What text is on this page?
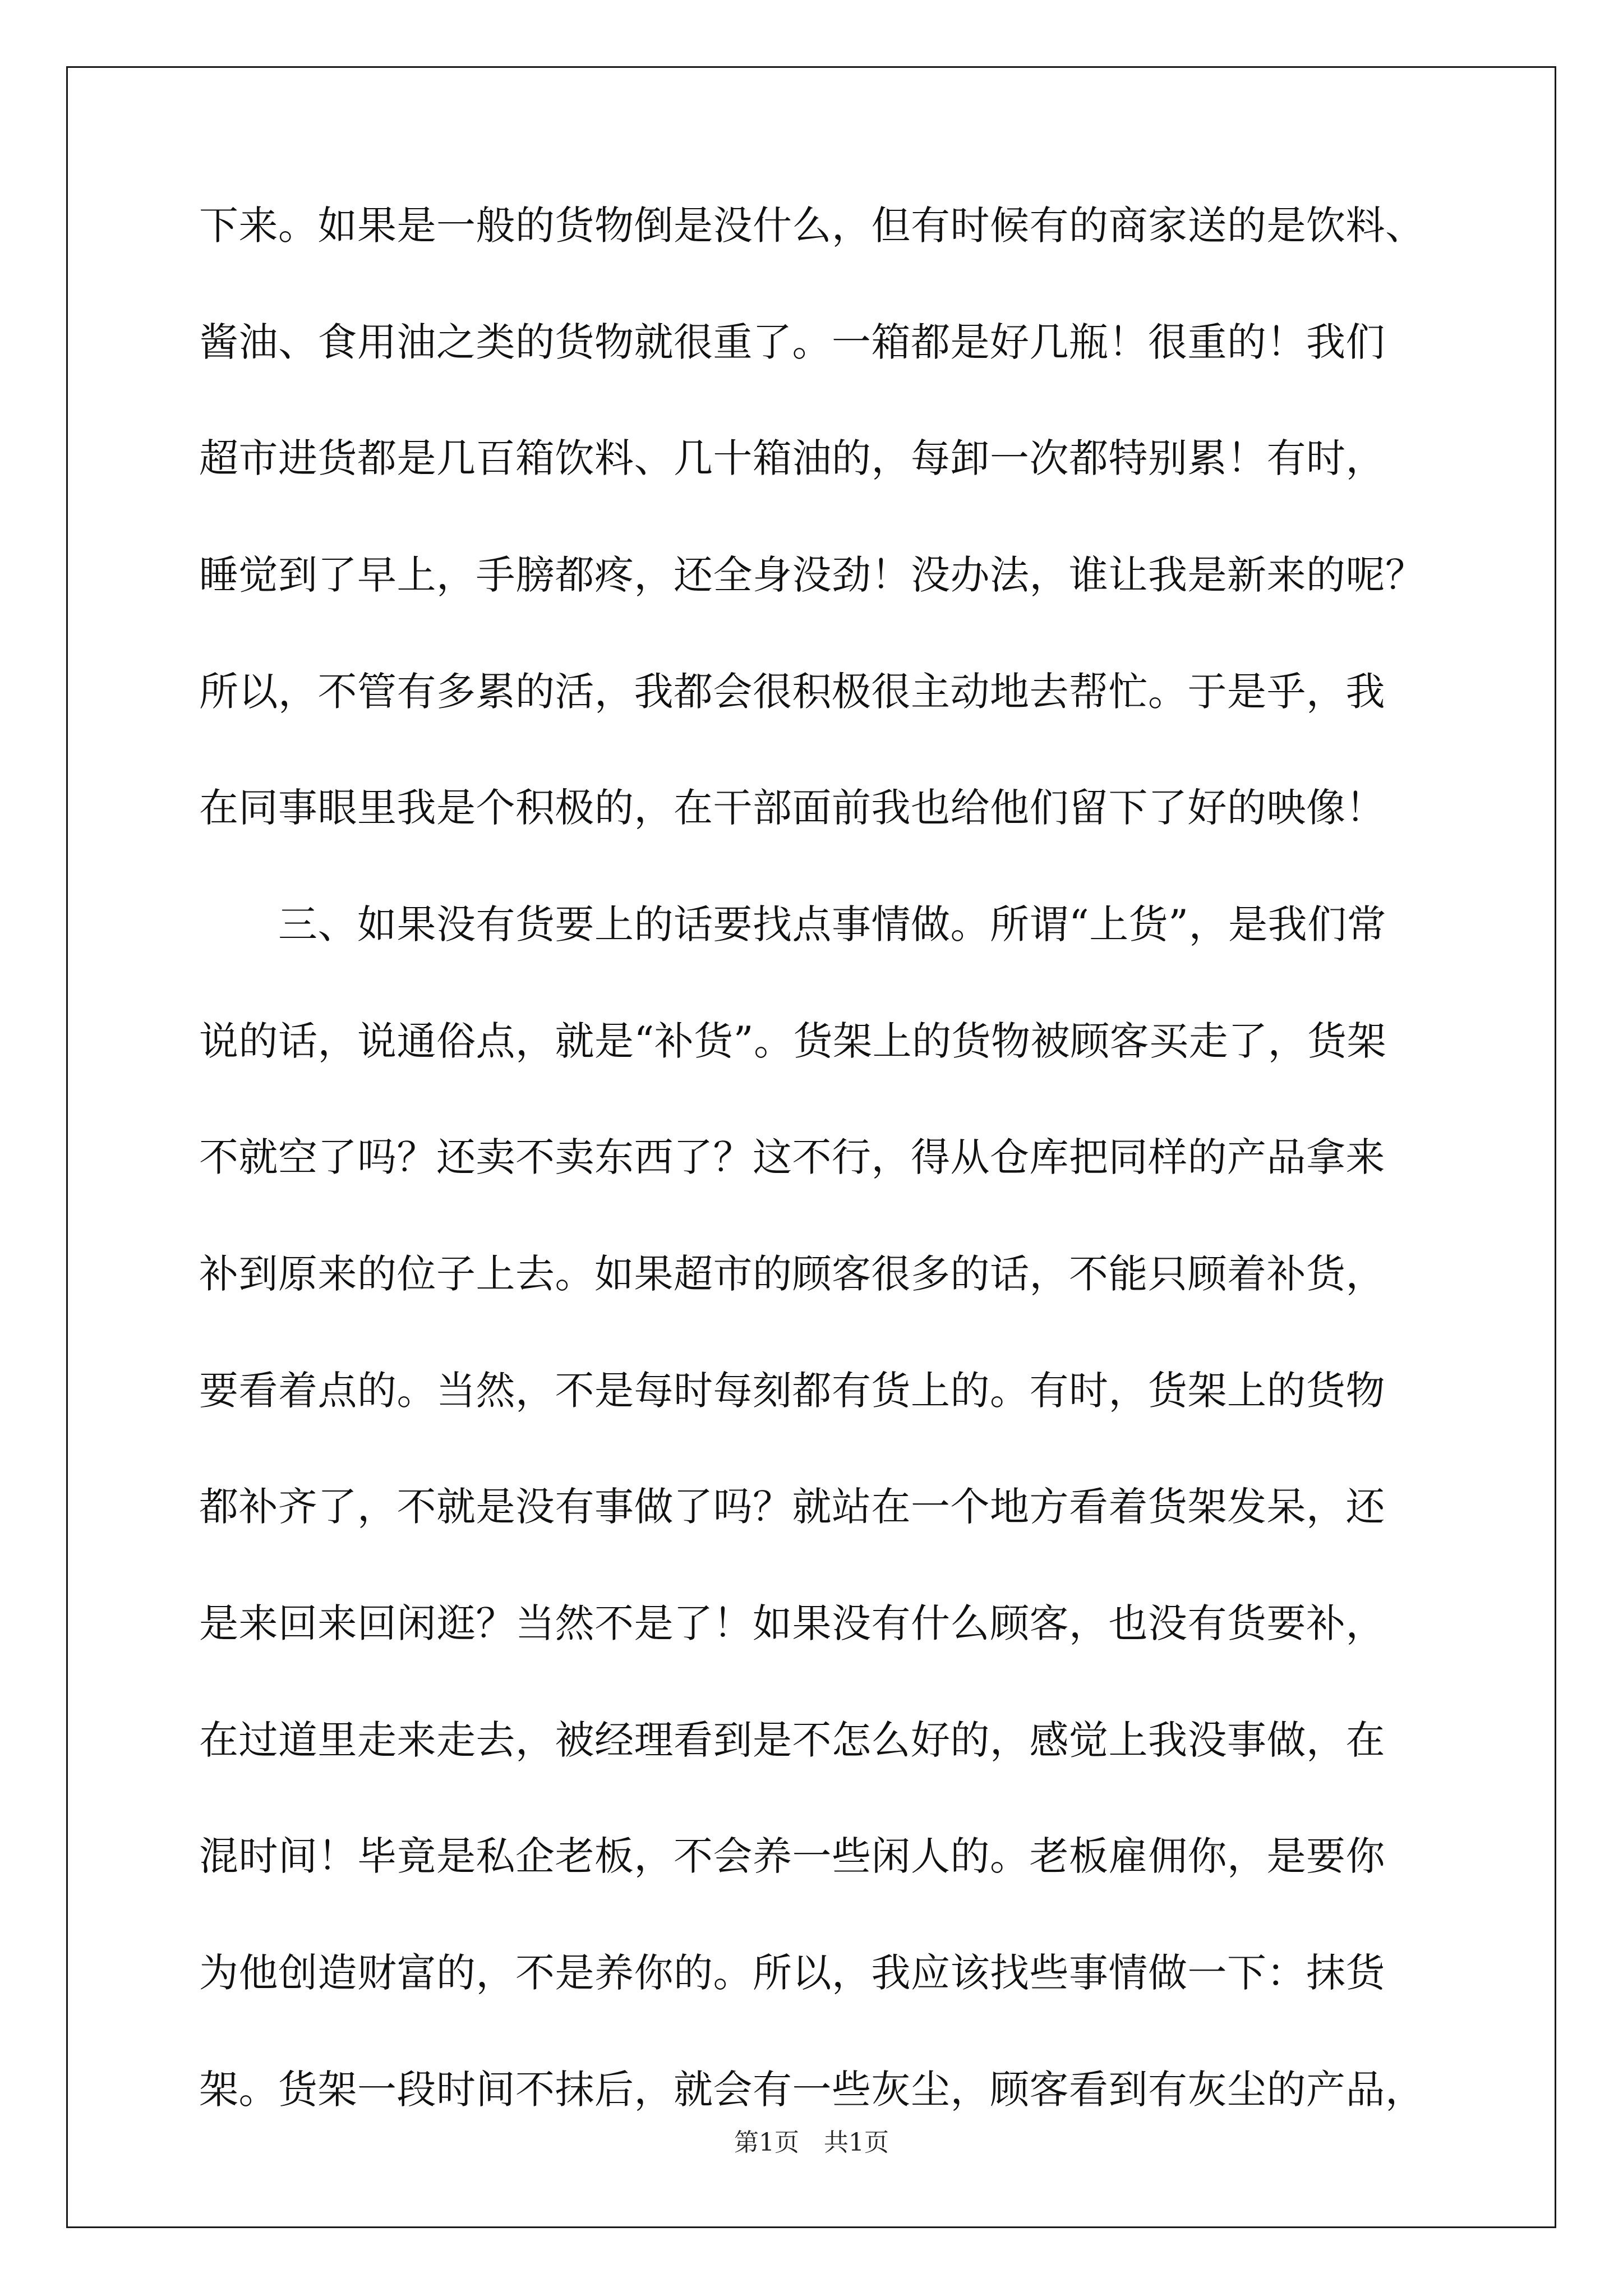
下来。如果是一般的货物倒是没什么，但有时候有的商家送的是饮料、
酱油、食用油之类的货物就很重了。一箱都是好几瓶！很重的！我们
超市进货都是几百箱饮料、几十箱油的，每卸一次都特别累！有时，
睡觉到了早上，手膀都疼，还全身没劲！没办法，谁让我是新来的呢？
所以，不管有多累的活，我都会很积极很主动地去帮忙。于是乎，我
在同事眼里我是个积极的，在干部面前我也给他们留下了好的映像！
　　三、如果没有货要上的话要找点事情做。所谓“上货”，是我们常
说的话，说通俗点，就是“补货”。货架上的货物被顾客买走了，货架
不就空了吗？还卖不卖东西了？这不行，得从仓库把同样的产品拿来
补到原来的位子上去。如果超市的顾客很多的话，不能只顾着补货，
要看着点的。当然，不是每时每刻都有货上的。有时，货架上的货物
都补齐了，不就是没有事做了吗？就站在一个地方看着货架发呆，还
是来回来回闲逛？当然不是了！如果没有什么顾客，也没有货要补，
在过道里走来走去，被经理看到是不怎么好的，感觉上我没事做，在
混时间！毕竟是私企老板，不会养一些闲人的。老板雇佣你，是要你
为他创造财富的，不是养你的。所以，我应该找些事情做一下：抹货
架。货架一段时间不抹后，就会有一些灰尘，顾客看到有灰尘的产品，
第1页　共1页
